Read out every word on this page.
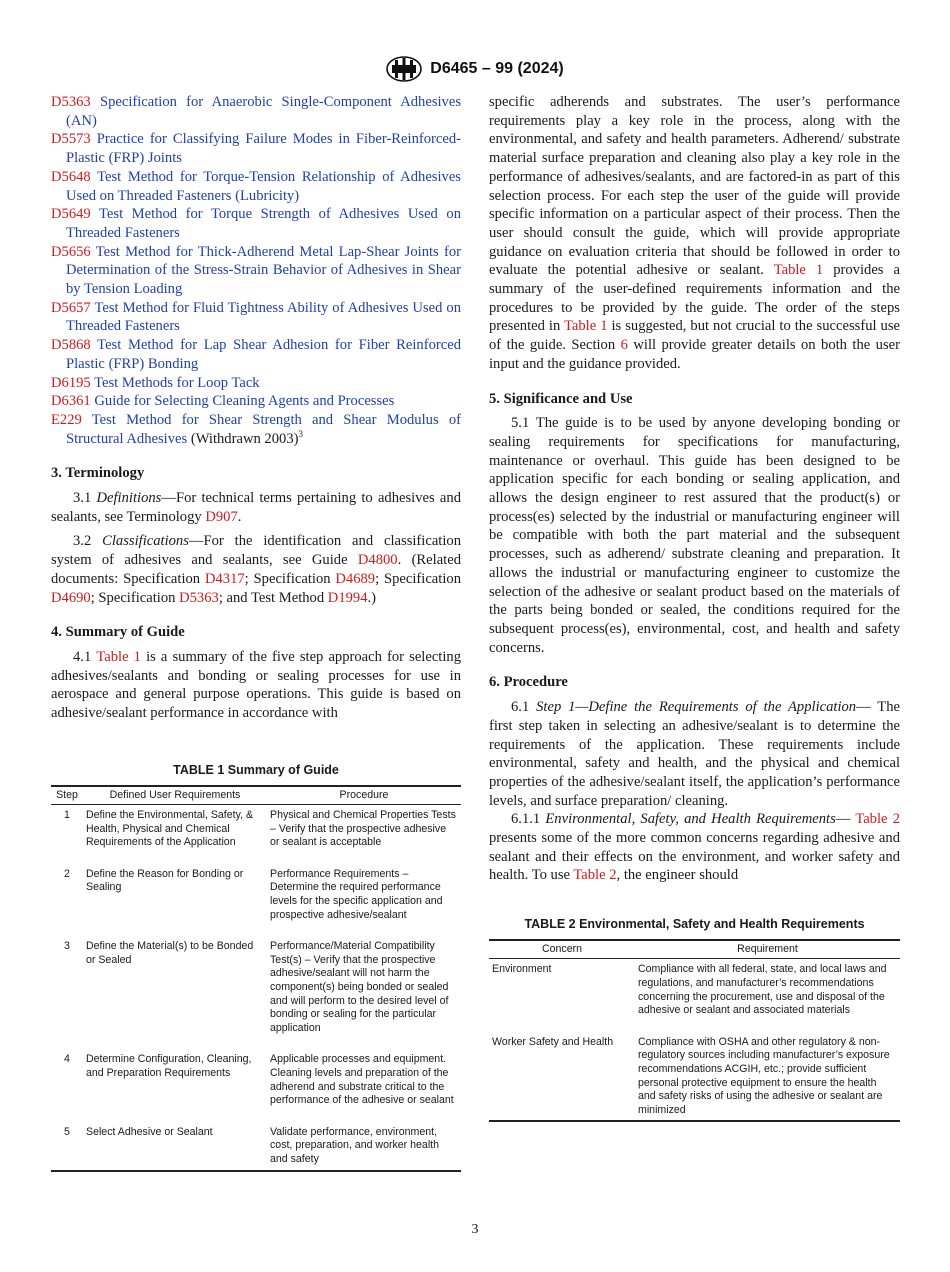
D6465 – 99 (2024)

D5363 Specification for Anaerobic Single-Component Adhesives (AN)

D5573 Practice for Classifying Failure Modes in Fiber-Reinforced-Plastic (FRP) Joints

D5648 Test Method for Torque-Tension Relationship of Adhesives Used on Threaded Fasteners (Lubricity)

D5649 Test Method for Torque Strength of Adhesives Used on Threaded Fasteners

D5656 Test Method for Thick-Adherend Metal Lap-Shear Joints for Determination of the Stress-Strain Behavior of Adhesives in Shear by Tension Loading

D5657 Test Method for Fluid Tightness Ability of Adhesives Used on Threaded Fasteners

D5868 Test Method for Lap Shear Adhesion for Fiber Reinforced Plastic (FRP) Bonding

D6195 Test Methods for Loop Tack

D6361 Guide for Selecting Cleaning Agents and Processes

E229 Test Method for Shear Strength and Shear Modulus of Structural Adhesives (Withdrawn 2003)$^3$

3. Terminology

3.1 Definitions—For technical terms pertaining to adhesives and sealants, see Terminology D907.

3.2 Classifications—For the identification and classification system of adhesives and sealants, see Guide D4800. (Related documents: Specification D4317; Specification D4689; Specification D4690; Specification D5363; and Test Method D1994.)

4. Summary of Guide

4.1 Table 1 is a summary of the five step approach for selecting adhesives/sealants and bonding or sealing processes for use in aerospace and general purpose operations. This guide is based on adhesive/sealant performance in accordance with

TABLE 1 Summary of Guide
Step	Defined User Requirements	Procedure
1	Define the Environmental, Safety, & Health, Physical and Chemical Requirements of the Application	Physical and Chemical Properties Tests – Verify that the prospective adhesive or sealant is acceptable
2	Define the Reason for Bonding or Sealing	Performance Requirements – Determine the required performance levels for the specific application and prospective adhesive/sealant
3	Define the Material(s) to be Bonded or Sealed	Performance/Material Compatibility Test(s) – Verify that the prospective adhesive/sealant will not harm the component(s) being bonded or sealed and will perform to the desired level of bonding or sealing for the particular application
4	Determine Configuration, Cleaning, and Preparation Requirements	Applicable processes and equipment. Cleaning levels and preparation of the adherend and substrate critical to the performance of the adhesive or sealant
5	Select Adhesive or Sealant	Validate performance, environment, cost, preparation, and worker health and safety

specific adherends and substrates. The user’s performance requirements play a key role in the process, along with the environmental, and safety and health parameters. Adherend/ substrate material surface preparation and cleaning also play a key role in the performance of adhesives/sealants, and are factored-in as part of this selection process. For each step the user of the guide will provide specific information on a particular aspect of their process. Then the user should consult the guide, which will provide appropriate guidance on evaluation criteria that should be followed in order to evaluate the potential adhesive or sealant. Table 1 provides a summary of the user-defined requirements information and the procedures to be provided by the guide. The order of the steps presented in Table 1 is suggested, but not crucial to the successful use of the guide. Section 6 will provide greater details on both the user input and the guidance provided.

5. Significance and Use

5.1 The guide is to be used by anyone developing bonding or sealing requirements for specifications for manufacturing, maintenance or overhaul. This guide has been designed to be application specific for each bonding or sealing application, and allows the design engineer to rest assured that the product(s) or process(es) selected by the industrial or manufacturing engineer will be compatible with both the part material and the subsequent processes, such as adherend/ substrate cleaning and preparation. It allows the industrial or manufacturing engineer to customize the selection of the adhesive or sealant product based on the materials of the parts being bonded or sealed, the conditions required for the subsequent process(es), environmental, cost, and health and safety concerns.

6. Procedure

6.1 Step 1—Define the Requirements of the Application— The first step taken in selecting an adhesive/sealant is to determine the requirements of the application. These requirements include environmental, safety and health, and the physical and chemical properties of the adhesive/sealant itself, the application’s performance levels, and surface preparation/ cleaning.

6.1.1 Environmental, Safety, and Health Requirements— Table 2 presents some of the more common concerns regarding adhesive and sealant and their effects on the environment, and worker safety and health. To use Table 2, the engineer should

TABLE 2 Environmental, Safety and Health Requirements
Concern	Requirement
Environment	Compliance with all federal, state, and local laws and regulations, and manufacturer’s recommendations concerning the procurement, use and disposal of the adhesive or sealant and associated materials
Worker Safety and Health	Compliance with OSHA and other regulatory & non-regulatory sources including manufacturer’s exposure recommendations ACGIH, etc.; provide sufficient personal protective equipment to ensure the health and safety risks of using the adhesive or sealant are minimized
3
